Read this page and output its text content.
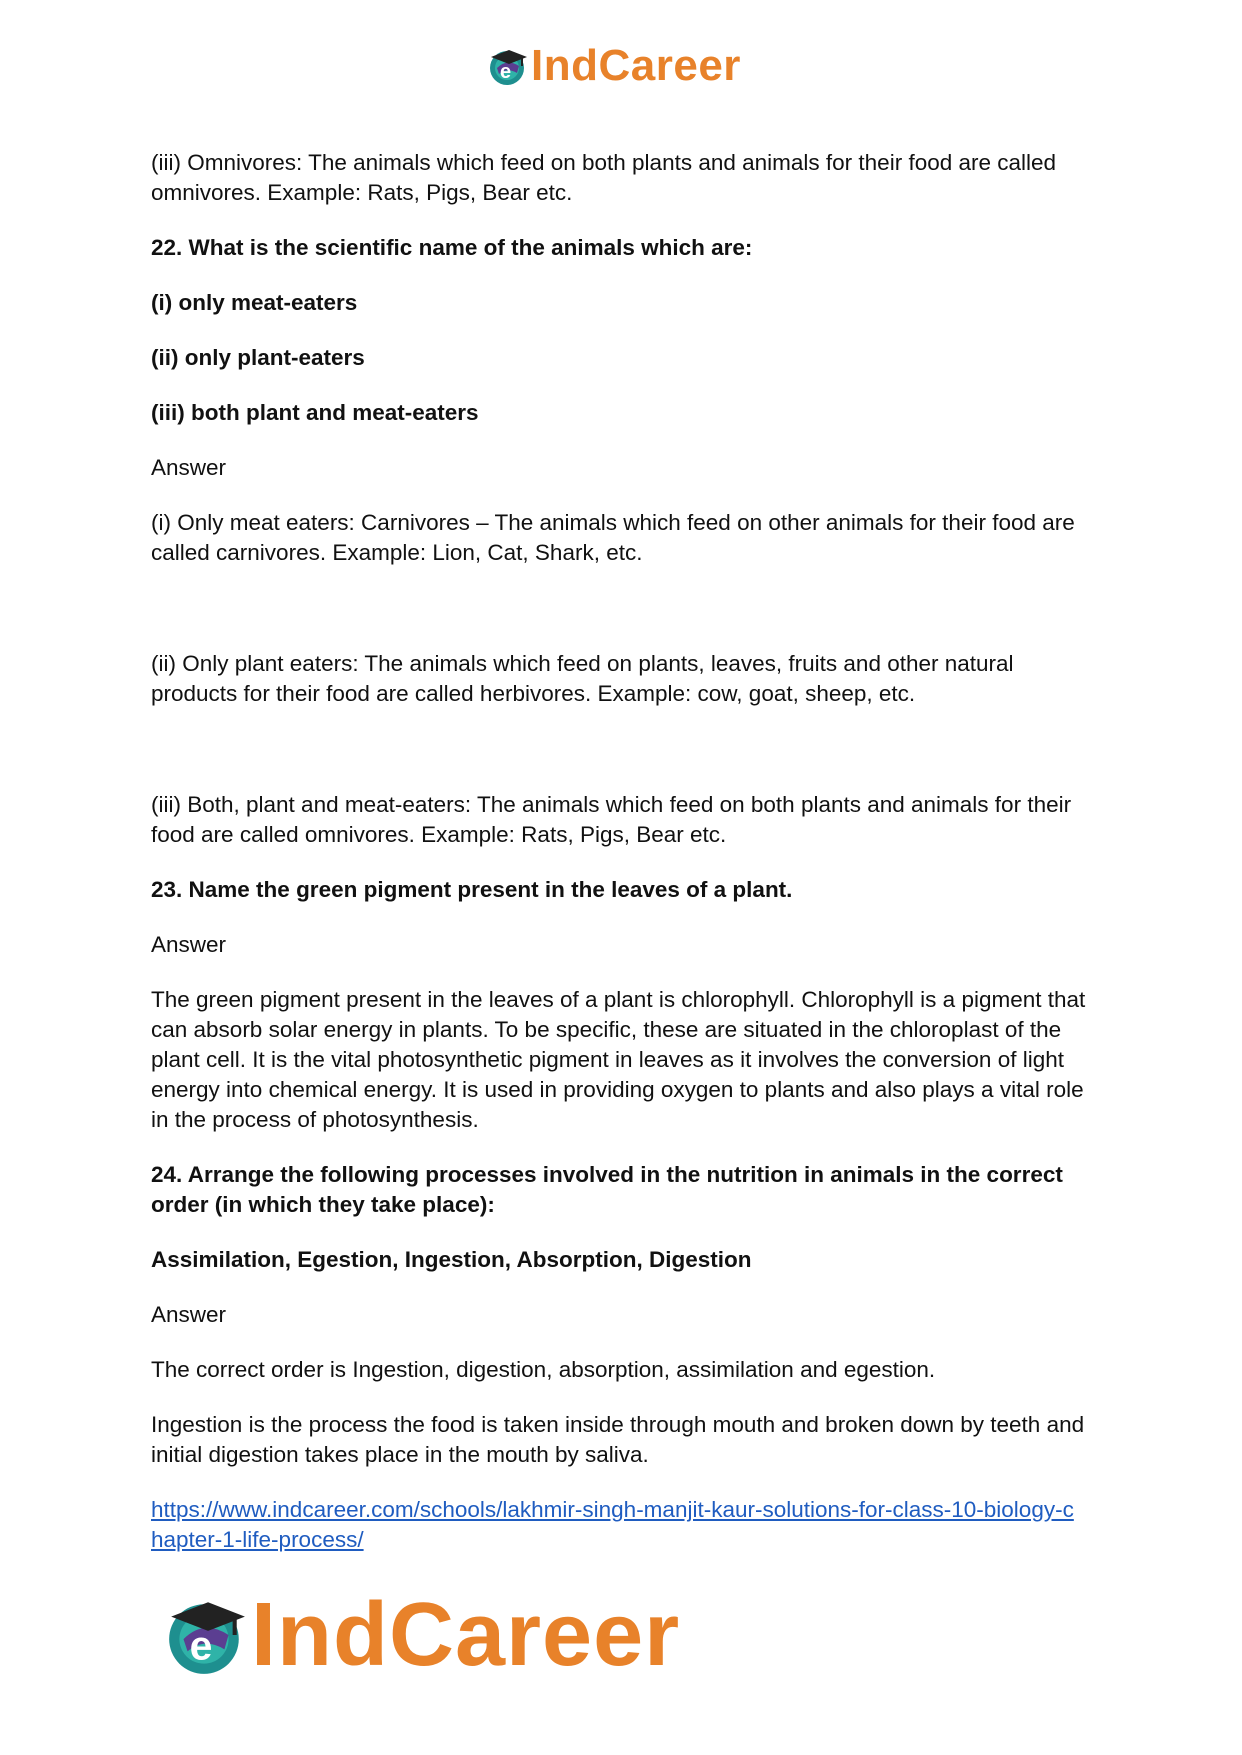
e IndCareer

(iii) Omnivores: The animals which feed on both plants and animals for their food are called omnivores. Example: Rats, Pigs, Bear etc.

22. What is the scientific name of the animals which are:

(i) only meat-eaters

(ii) only plant-eaters

(iii) both plant and meat-eaters

Answer

(i) Only meat eaters: Carnivores – The animals which feed on other animals for their food are called carnivores. Example: Lion, Cat, Shark, etc.

(ii) Only plant eaters: The animals which feed on plants, leaves, fruits and other natural products for their food are called herbivores. Example: cow, goat, sheep, etc.

(iii) Both, plant and meat-eaters: The animals which feed on both plants and animals for their food are called omnivores. Example: Rats, Pigs, Bear etc.

23. Name the green pigment present in the leaves of a plant.

Answer

The green pigment present in the leaves of a plant is chlorophyll. Chlorophyll is a pigment that can absorb solar energy in plants. To be specific, these are situated in the chloroplast of the plant cell. It is the vital photosynthetic pigment in leaves as it involves the conversion of light energy into chemical energy. It is used in providing oxygen to plants and also plays a vital role in the process of photosynthesis.

24. Arrange the following processes involved in the nutrition in animals in the correct order (in which they take place):

Assimilation, Egestion, Ingestion, Absorption, Digestion

Answer

The correct order is Ingestion, digestion, absorption, assimilation and egestion.

Ingestion is the process the food is taken inside through mouth and broken down by teeth and initial digestion takes place in the mouth by saliva.

https://www.indcareer.com/schools/lakhmir-singh-manjit-kaur-solutions-for-class-10-biology-c
hapter-1-life-process/

e IndCareer
